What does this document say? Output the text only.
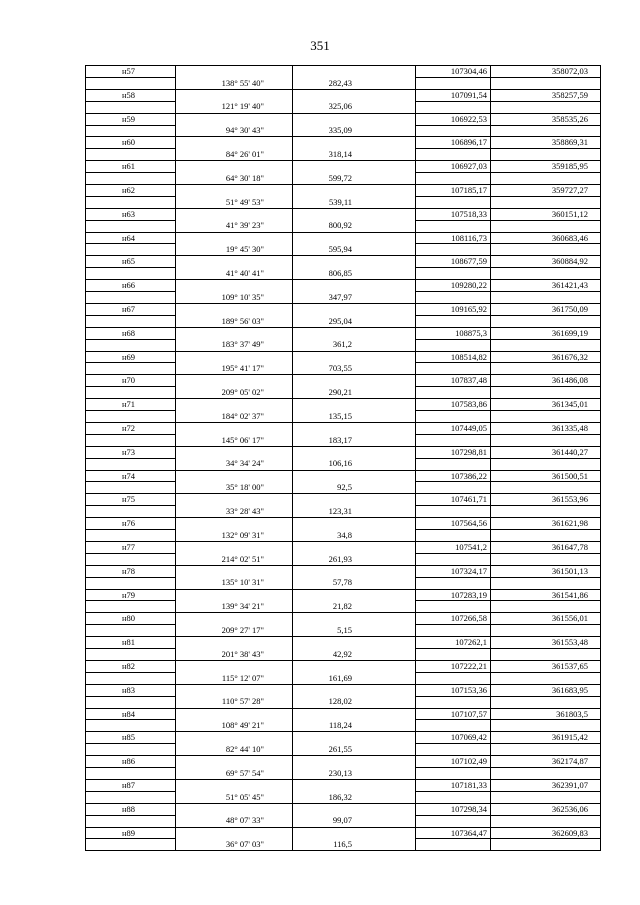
351
н57			107304,46	358072,03
	138° 55' 40"	282,43		
н58			107091,54	358257,59
	121° 19' 40"	325,06		
н59			106922,53	358535,26
	94° 30' 43"	335,09		
н60			106896,17	358869,31
	84° 26' 01"	318,14		
н61			106927,03	359185,95
	64° 30' 18"	599,72		
н62			107185,17	359727,27
	51° 49' 53"	539,11		
н63			107518,33	360151,12
	41° 39' 23"	800,92		
н64			108116,73	360683,46
	19° 45' 30"	595,94		
н65			108677,59	360884,92
	41° 40' 41"	806,85		
н66			109280,22	361421,43
	109° 10' 35"	347,97		
н67			109165,92	361750,09
	189° 56' 03"	295,04		
н68			108875,3	361699,19
	183° 37' 49"	361,2		
н69			108514,82	361676,32
	195° 41' 17"	703,55		
н70			107837,48	361486,08
	209° 05' 02"	290,21		
н71			107583,86	361345,01
	184° 02' 37"	135,15		
н72			107449,05	361335,48
	145° 06' 17"	183,17		
н73			107298,81	361440,27
	34° 34' 24"	106,16		
н74			107386,22	361500,51
	35° 18' 00"	92,5		
н75			107461,71	361553,96
	33° 28' 43"	123,31		
н76			107564,56	361621,98
	132° 09' 31"	34,8		
н77			107541,2	361647,78
	214° 02' 51"	261,93		
н78			107324,17	361501,13
	135° 10' 31"	57,78		
н79			107283,19	361541,86
	139° 34' 21"	21,82		
н80			107266,58	361556,01
	209° 27' 17"	5,15		
н81			107262,1	361553,48
	201° 38' 43"	42,92		
н82			107222,21	361537,65
	115° 12' 07"	161,69		
н83			107153,36	361683,95
	110° 57' 28"	128,02		
н84			107107,57	361803,5
	108° 49' 21"	118,24		
н85			107069,42	361915,42
	82° 44' 10"	261,55		
н86			107102,49	362174,87
	69° 57' 54"	230,13		
н87			107181,33	362391,07
	51° 05' 45"	186,32		
н88			107298,34	362536,06
	48° 07' 33"	99,07		
н89			107364,47	362609,83
	36° 07' 03"	116,5		
